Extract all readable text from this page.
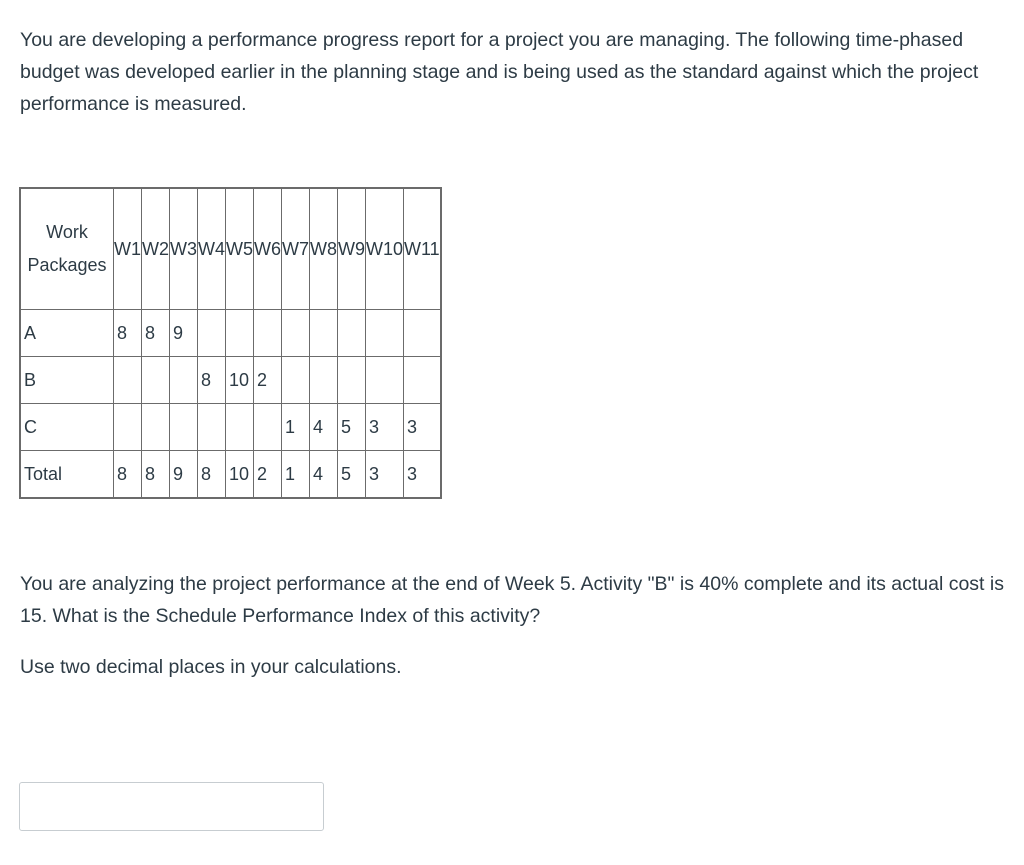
You are developing a performance progress report for a project you are managing. The following time-phased budget was developed earlier in the planning stage and is being used as the standard against which the project performance is measured.

Work Packages	W1	W2	W3	W4	W5	W6	W7	W8	W9	W10	W11
A	8	8	9								
B				8	10	2					
C							1	4	5	3	3
Total	8	8	9	8	10	2	1	4	5	3	3

You are analyzing the project performance at the end of Week 5. Activity "B" is 40% complete and its actual cost is 15. What is the Schedule Performance Index of this activity?

Use two decimal places in your calculations.
